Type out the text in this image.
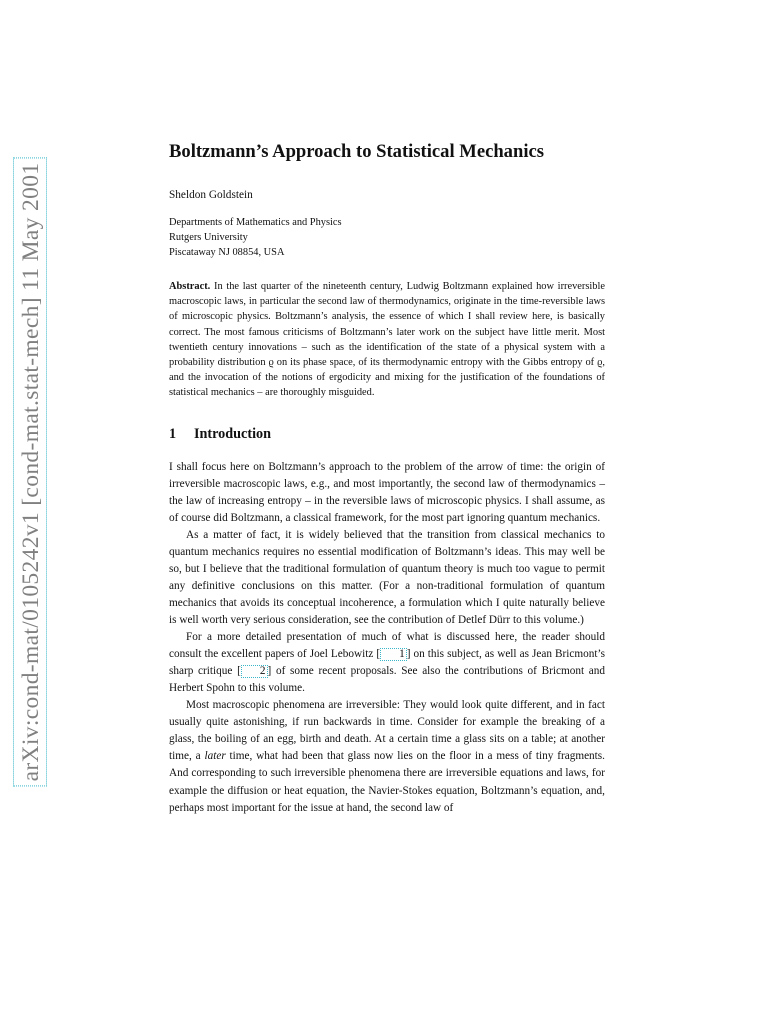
arXiv:cond-mat/0105242v1 [cond-mat.stat-mech] 11 May 2001
Boltzmann’s Approach to Statistical Mechanics
Sheldon Goldstein
Departments of Mathematics and Physics
Rutgers University
Piscataway NJ 08854, USA
Abstract. In the last quarter of the nineteenth century, Ludwig Boltzmann explained how irreversible macroscopic laws, in particular the second law of thermodynamics, originate in the time-reversible laws of microscopic physics. Boltzmann’s analysis, the essence of which I shall review here, is basically correct. The most famous criticisms of Boltzmann’s later work on the subject have little merit. Most twentieth century innovations – such as the identification of the state of a physical system with a probability distribution ϱ on its phase space, of its thermodynamic entropy with the Gibbs entropy of ϱ, and the invocation of the notions of ergodicity and mixing for the justification of the foundations of statistical mechanics – are thoroughly misguided.
1 Introduction

I shall focus here on Boltzmann’s approach to the problem of the arrow of time: the origin of irreversible macroscopic laws, e.g., and most importantly, the second law of thermodynamics – the law of increasing entropy – in the reversible laws of microscopic physics. I shall assume, as of course did Boltzmann, a classical framework, for the most part ignoring quantum mechanics.

As a matter of fact, it is widely believed that the transition from classical mechanics to quantum mechanics requires no essential modification of Boltzmann’s ideas. This may well be so, but I believe that the traditional formulation of quantum theory is much too vague to permit any definitive conclusions on this matter. (For a non-traditional formulation of quantum mechanics that avoids its conceptual incoherence, a formulation which I quite naturally believe is well worth very serious consideration, see the contribution of Detlef Dürr to this volume.)

For a more detailed presentation of much of what is discussed here, the reader should consult the excellent papers of Joel Lebowitz [ 1 ] on this subject, as well as Jean Bricmont’s sharp critique [ 2 ] of some recent proposals. See also the contributions of Bricmont and Herbert Spohn to this volume.

Most macroscopic phenomena are irreversible: They would look quite different, and in fact usually quite astonishing, if run backwards in time. Consider for example the breaking of a glass, the boiling of an egg, birth and death. At a certain time a glass sits on a table; at another time, a later time, what had been that glass now lies on the floor in a mess of tiny fragments. And corresponding to such irreversible phenomena there are irreversible equations and laws, for example the diffusion or heat equation, the Navier-Stokes equation, Boltzmann’s equation, and, perhaps most important for the issue at hand, the second law of
